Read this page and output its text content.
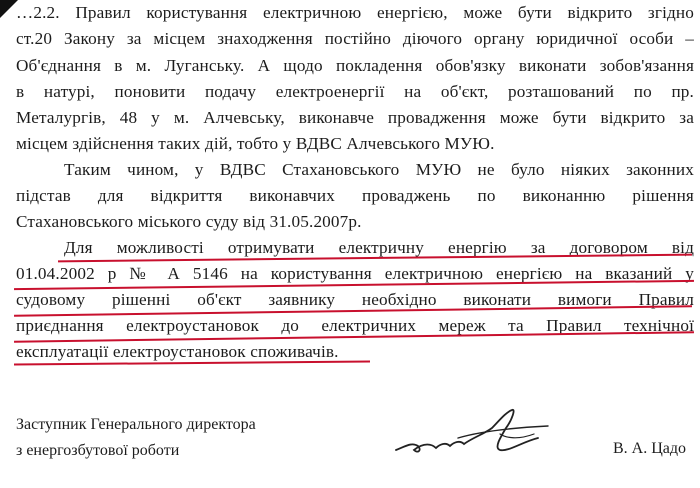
…2.2. Правил користування електричною енергією, може бути відкрито згідно
ст.20 Закону за місцем знаходження постійно діючого органу юридичної особи –
Об'єднання в м. Луганську. А щодо покладення обов'язку виконати зобов'язання
в натурі, поновити подачу електроенергії на об'єкт, розташований по пр.
Металургів, 48 у м. Алчевську, виконавче провадження може бути відкрито за
місцем здійснення таких дій, тобто у ВДВС Алчевського МУЮ.
Таким чином, у ВДВС Стахановського МУЮ не було ніяких законних
підстав для відкриття виконавчих проваджень по виконанню рішення
Стахановського міського суду від 31.05.2007р.
Для можливості отримувати електричну енергію за договором від
01.04.2002 р № А 5146 на користування електричною енергією на вказаний у
судовому рішенні об'єкт заявнику необхідно виконати вимоги Правил
приєднання електроустановок до електричних мереж та Правил технічної
експлуатації електроустановок споживачів.
Заступник Генерального директора
з енергозбутової роботи	В. А. Цадо
